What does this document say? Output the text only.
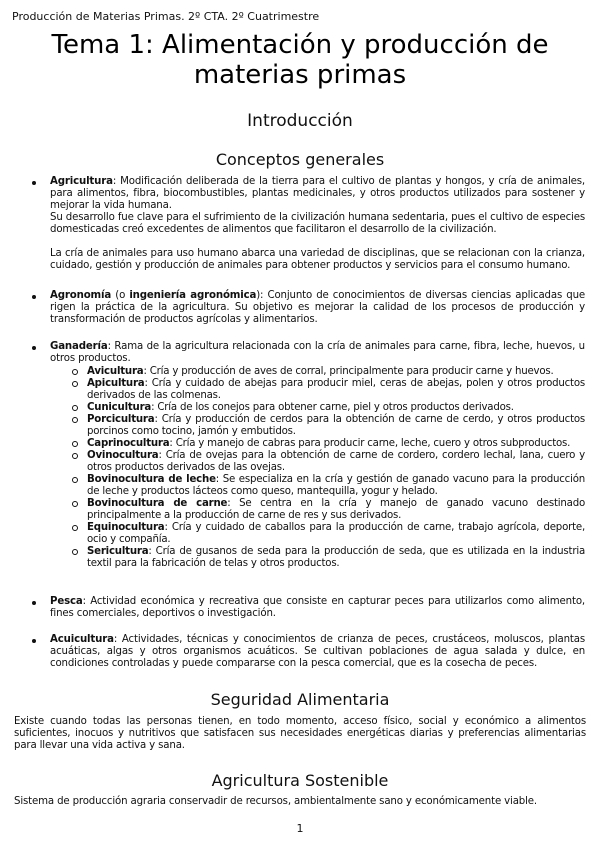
Producción de Materias Primas. 2º CTA. 2º Cuatrimestre
Tema 1: Alimentación y producción de materias primas
Introducción
Conceptos generales
Agricultura: Modificación deliberada de la tierra para el cultivo de plantas y hongos, y cría de animales, para alimentos, fibra, biocombustibles, plantas medicinales, y otros productos utilizados para sostener y mejorar la vida humana.
Su desarrollo fue clave para el sufrimiento de la civilización humana sedentaria, pues el cultivo de especies domesticadas creó excedentes de alimentos que facilitaron el desarrollo de la civilización.
La cría de animales para uso humano abarca una variedad de disciplinas, que se relacionan con la crianza, cuidado, gestión y producción de animales para obtener productos y servicios para el consumo humano.
Agronomía (o ingeniería agronómica): Conjunto de conocimientos de diversas ciencias aplicadas que rigen la práctica de la agricultura. Su objetivo es mejorar la calidad de los procesos de producción y transformación de productos agrícolas y alimentarios.
Ganadería: Rama de la agricultura relacionada con la cría de animales para carne, fibra, leche, huevos, u otros productos.
Avicultura: Cría y producción de aves de corral, principalmente para producir carne y huevos.
Apicultura: Cría y cuidado de abejas para producir miel, ceras de abejas, polen y otros productos derivados de las colmenas.
Cunicultura: Cría de los conejos para obtener carne, piel y otros productos derivados.
Porcicultura: Cría y producción de cerdos para la obtención de carne de cerdo, y otros productos porcinos como tocino, jamón y embutidos.
Caprinocultura: Cría y manejo de cabras para producir carne, leche, cuero y otros subproductos.
Ovinocultura: Cría de ovejas para la obtención de carne de cordero, cordero lechal, lana, cuero y otros productos derivados de las ovejas.
Bovinocultura de leche: Se especializa en la cría y gestión de ganado vacuno para la producción de leche y productos lácteos como queso, mantequilla, yogur y helado.
Bovinocultura de carne: Se centra en la cría y manejo de ganado vacuno destinado principalmente a la producción de carne de res y sus derivados.
Equinocultura: Cría y cuidado de caballos para la producción de carne, trabajo agrícola, deporte, ocio y compañía.
Sericultura: Cría de gusanos de seda para la producción de seda, que es utilizada en la industria textil para la fabricación de telas y otros productos.
Pesca: Actividad económica y recreativa que consiste en capturar peces para utilizarlos como alimento, fines comerciales, deportivos o investigación.
Acuicultura: Actividades, técnicas y conocimientos de crianza de peces, crustáceos, moluscos, plantas acuáticas, algas y otros organismos acuáticos. Se cultivan poblaciones de agua salada y dulce, en condiciones controladas y puede compararse con la pesca comercial, que es la cosecha de peces.
Seguridad Alimentaria
Existe cuando todas las personas tienen, en todo momento, acceso físico, social y económico a alimentos suficientes, inocuos y nutritivos que satisfacen sus necesidades energéticas diarias y preferencias alimentarias para llevar una vida activa y sana.
Agricultura Sostenible
Sistema de producción agraria conservadir de recursos, ambientalmente sano y económicamente viable.
1
